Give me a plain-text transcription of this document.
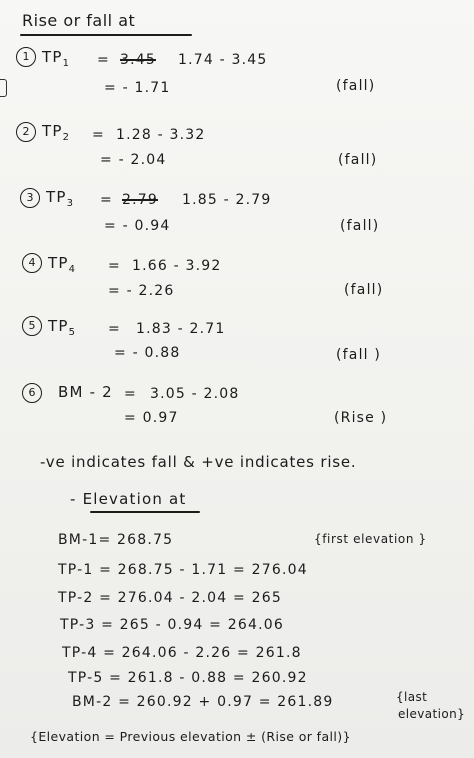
Rise or fall at
1 $TP_1 = 3.45$ 1.74 - 3.45
= - 1.71	(fall)
2 $TP_2 = 1.28 - 3.32$
= - 2.04	(fall)
3 $TP_3 = 2.79$ 1.85 - 2.79
= - 0.94	(fall)
4 $TP_4 = 1.66 - 3.92$
= - 2.26	(fall)
5 $TP_5 = 1.83 - 2.71$
= - 0.88	(fall )
6	BM - 2 = 3.05 - 2.08
= 0.97	(Rise )
-ve indicates fall & +ve indicates rise.
- Elevation at
BM-1= 268.75	{first elevation }
TP-1 = 268.75 - 1.71 = 276.04
TP-2 = 276.04 - 2.04 = 265
TP-3 = 265 - 0.94 = 264.06
TP-4 = 264.06 - 2.26 = 261.8
TP-5 = 261.8 - 0.88 = 260.92
BM-2 = 260.92 + 0.97 = 261.89	{last
elevation}
{Elevation = Previous elevation ± (Rise or fall)}
